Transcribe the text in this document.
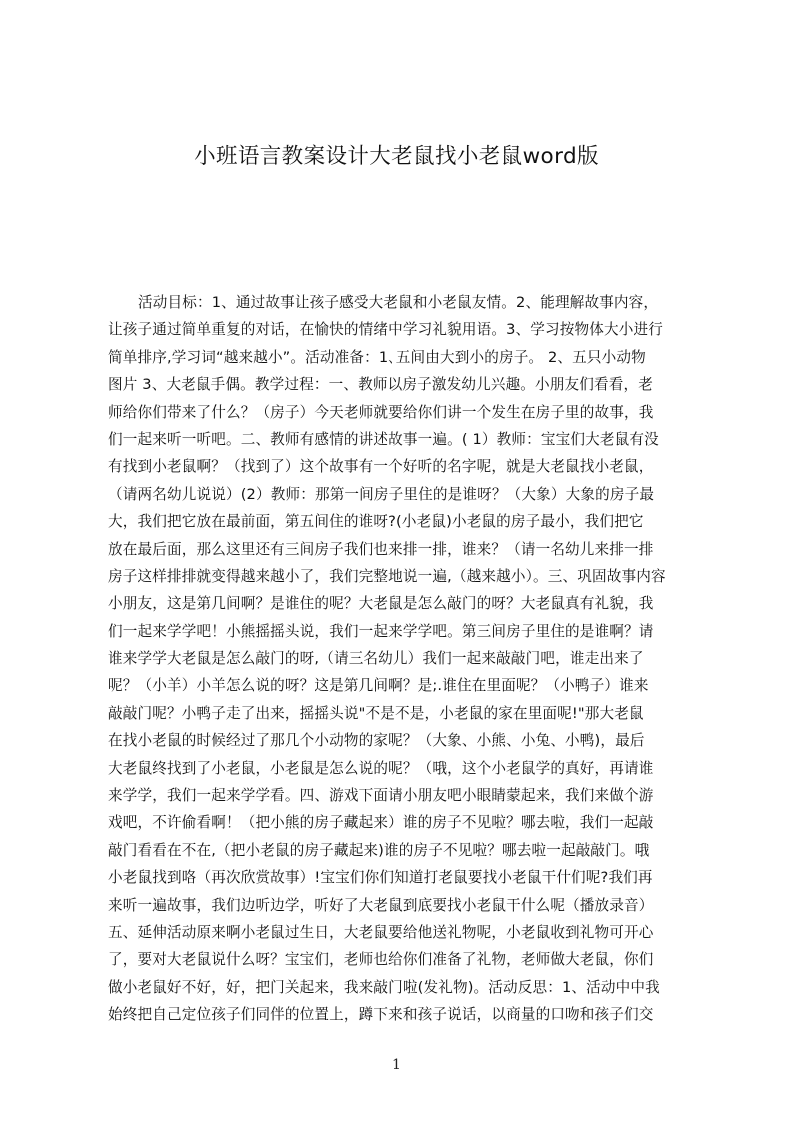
小班语言教案设计大老鼠找小老鼠word版
活动目标：1、通过故事让孩子感受大老鼠和小老鼠友情。2、能理解故事内容，
让孩子通过简单重复的对话，在愉快的情绪中学习礼貌用语。3、学习按物体大小进行
简单排序,学习词“越来越小”。活动准备：1､五间由大到小的房子。 2、五只小动物
图片 3、大老鼠手偶。教学过程：一、教师以房子激发幼儿兴趣。小朋友们看看，老
师给你们带来了什么？（房子）今天老师就要给你们讲一个发生在房子里的故事，我
们一起来听一听吧。二、教师有感情的讲述故事一遍。( 1）教师：宝宝们大老鼠有没
有找到小老鼠啊？（找到了）这个故事有一个好听的名字呢，就是大老鼠找小老鼠，
（请两名幼儿说说）(2）教师：那第一间房子里住的是谁呀？（大象）大象的房子最
大，我们把它放在最前面，第五间住的谁呀?(小老鼠)小老鼠的房子最小，我们把它
放在最后面，那么这里还有三间房子我们也来排一排，谁来？（请一名幼儿来排一排
房子这样排排就变得越来越小了，我们完整地说一遍,（越来越小）。三、巩固故事内容
小朋友，这是第几间啊？是谁住的呢？大老鼠是怎么敲门的呀？大老鼠真有礼貌，我
们一起来学学吧！小熊摇摇头说，我们一起来学学吧。第三间房子里住的是谁啊？请
谁来学学大老鼠是怎么敲门的呀,（请三名幼儿）我们一起来敲敲门吧，谁走出来了
呢？（小羊）小羊怎么说的呀？这是第几间啊？是;.谁住在里面呢？（小鸭子）谁来
敲敲门呢？小鸭子走了出来，摇摇头说"不是不是，小老鼠的家在里面呢!"那大老鼠
在找小老鼠的时候经过了那几个小动物的家呢？（大象、小熊、小兔、小鸭)，最后
大老鼠终找到了小老鼠，小老鼠是怎么说的呢？（哦，这个小老鼠学的真好，再请谁
来学学，我们一起来学学看。四、游戏下面请小朋友吧小眼睛蒙起来，我们来做个游
戏吧，不许偷看啊！（把小熊的房子藏起来）谁的房子不见啦？哪去啦，我们一起敲
敲门看看在不在,（把小老鼠的房子藏起来)谁的房子不见啦？哪去啦一起敲敲门。哦
小老鼠找到咯（再次欣赏故事）!宝宝们你们知道打老鼠要找小老鼠干什们呢?我们再
来听一遍故事，我们边听边学，听好了大老鼠到底要找小老鼠干什么呢（播放录音）
五、延伸活动原来啊小老鼠过生日，大老鼠要给他送礼物呢，小老鼠收到礼物可开心
了，要对大老鼠说什么呀？宝宝们，老师也给你们准备了礼物，老师做大老鼠，你们
做小老鼠好不好，好，把门关起来，我来敲门啦(发礼物)。活动反思：1、活动中中我
始终把自己定位孩子们同伴的位置上，蹲下来和孩子说话，以商量的口吻和孩子们交
1
